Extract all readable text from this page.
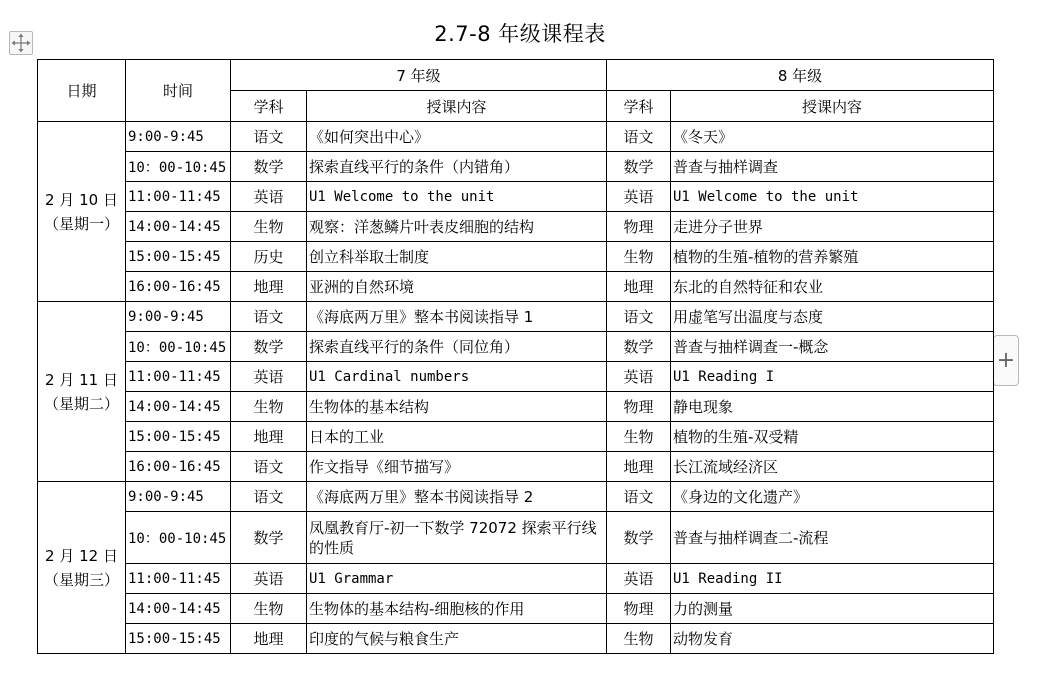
2.7-8 年级课程表
+
日期	时间	7 年级		8 年级	
		学科	授课内容	学科	授课内容

2 月 10 日
（星期一）	9:00-9:45	语文	《如何突出中心》	语文	《冬天》
	10：00-10:45	数学	探索直线平行的条件（内错角）	数学	普查与抽样调查
	11:00-11:45	英语	U1 Welcome to the unit	英语	U1 Welcome to the unit
	14:00-14:45	生物	观察：洋葱鳞片叶表皮细胞的结构	物理	走进分子世界
	15:00-15:45	历史	创立科举取士制度	生物	植物的生殖-植物的营养繁殖
	16:00-16:45	地理	亚洲的自然环境	地理	东北的自然特征和农业

2 月 11 日
（星期二）	9:00-9:45	语文	《海底两万里》整本书阅读指导 1	语文	用虚笔写出温度与态度
	10：00-10:45	数学	探索直线平行的条件（同位角）	数学	普查与抽样调查一-概念
	11:00-11:45	英语	U1 Cardinal numbers	英语	U1 Reading I
	14:00-14:45	生物	生物体的基本结构	物理	静电现象
	15:00-15:45	地理	日本的工业	生物	植物的生殖-双受精
	16:00-16:45	语文	作文指导《细节描写》	地理	长江流域经济区

2 月 12 日
（星期三）	9:00-9:45	语文	《海底两万里》整本书阅读指导 2	语文	《身边的文化遗产》
	10：00-10:45	数学	凤凰教育厅-初一下数学 72072 探索平行线的性质	数学	普查与抽样调查二-流程
	11:00-11:45	英语	U1 Grammar	英语	U1 Reading II
	14:00-14:45	生物	生物体的基本结构-细胞核的作用	物理	力的测量
	15:00-15:45	地理	印度的气候与粮食生产	生物	动物发育
